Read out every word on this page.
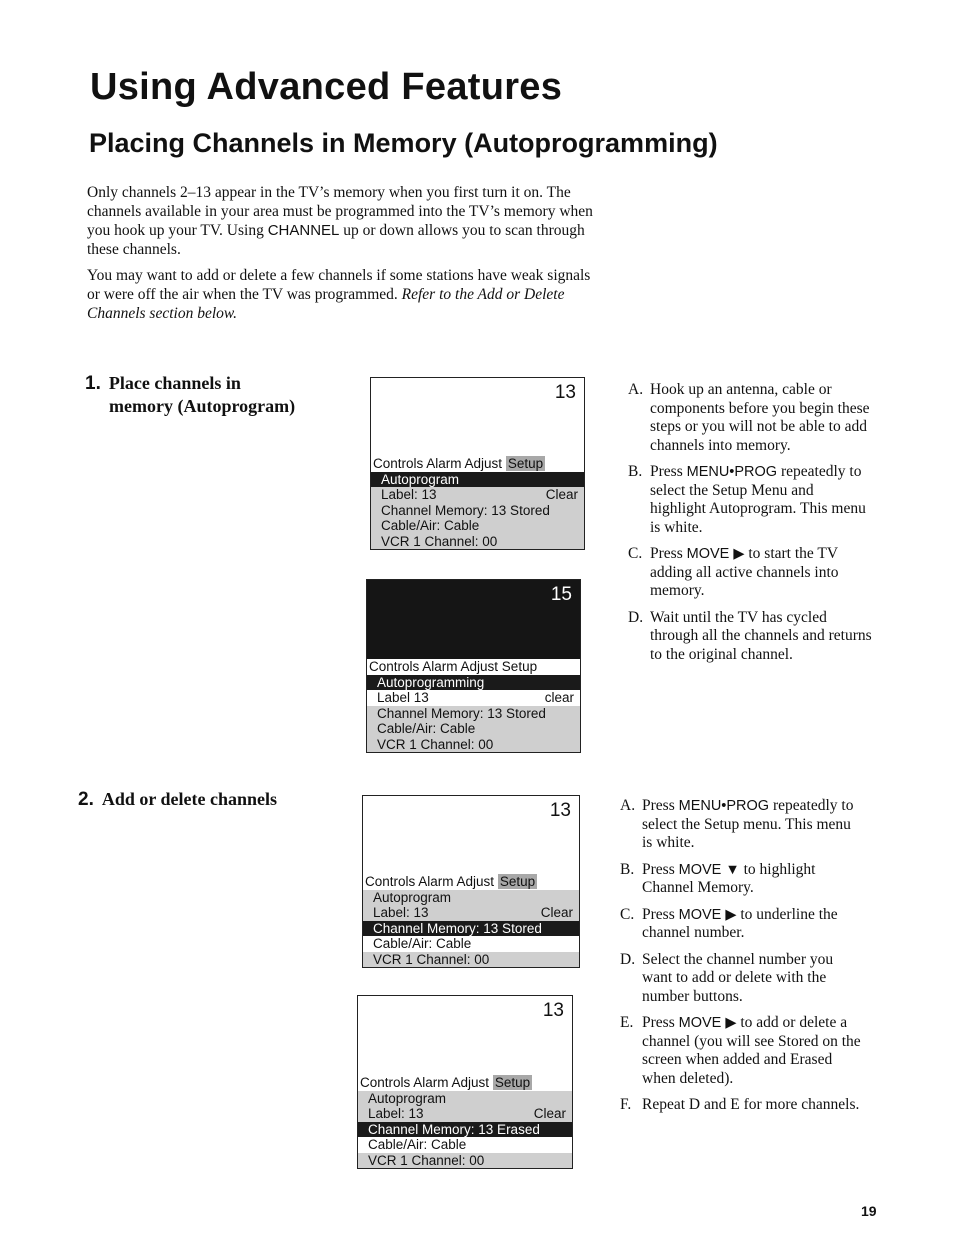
Using Advanced Features
Placing Channels in Memory (Autoprogramming)

Only channels 2–13 appear in the TV’s memory when you first turn it on. The channels available in your area must be programmed into the TV’s memory when you hook up your TV. Using CHANNEL up or down allows you to scan through these channels.

You may want to add or delete a few channels if some stations have weak signals or were off the air when the TV was programmed. Refer to the Add or Delete Channels section below.

1. Place channels in
memory (Autoprogram)
13
Controls Alarm Adjust Setup
Autoprogram
Label: 13	Clear
Channel Memory: 13 Stored
Cable/Air: Cable
VCR 1 Channel: 00
15
Controls Alarm Adjust Setup
Autoprogramming
Label 13	clear
Channel Memory: 13 Stored
Cable/Air: Cable
VCR 1 Channel: 00
A. Hook up an antenna, cable or components before you begin these steps or you will not be able to add channels into memory.
B. Press MENU•PROG repeatedly to select the Setup Menu and highlight Autoprogram. This menu is white.
C. Press MOVE ▶ to start the TV adding all active channels into memory.
D. Wait until the TV has cycled through all the channels and returns to the original channel.
2. Add or delete channels
13
Controls Alarm Adjust Setup
Autoprogram
Label: 13	Clear
Channel Memory: 13 Stored
Cable/Air: Cable
VCR 1 Channel: 00
13
Controls Alarm Adjust Setup
Autoprogram
Label: 13	Clear
Channel Memory: 13 Erased
Cable/Air: Cable
VCR 1 Channel: 00
A. Press MENU•PROG repeatedly to select the Setup menu. This menu is white.
B. Press MOVE ▼ to highlight Channel Memory.
C. Press MOVE ▶ to underline the channel number.
D. Select the channel number you want to add or delete with the number buttons.
E. Press MOVE ▶ to add or delete a channel (you will see Stored on the screen when added and Erased when deleted).
F. Repeat D and E for more channels.
19
